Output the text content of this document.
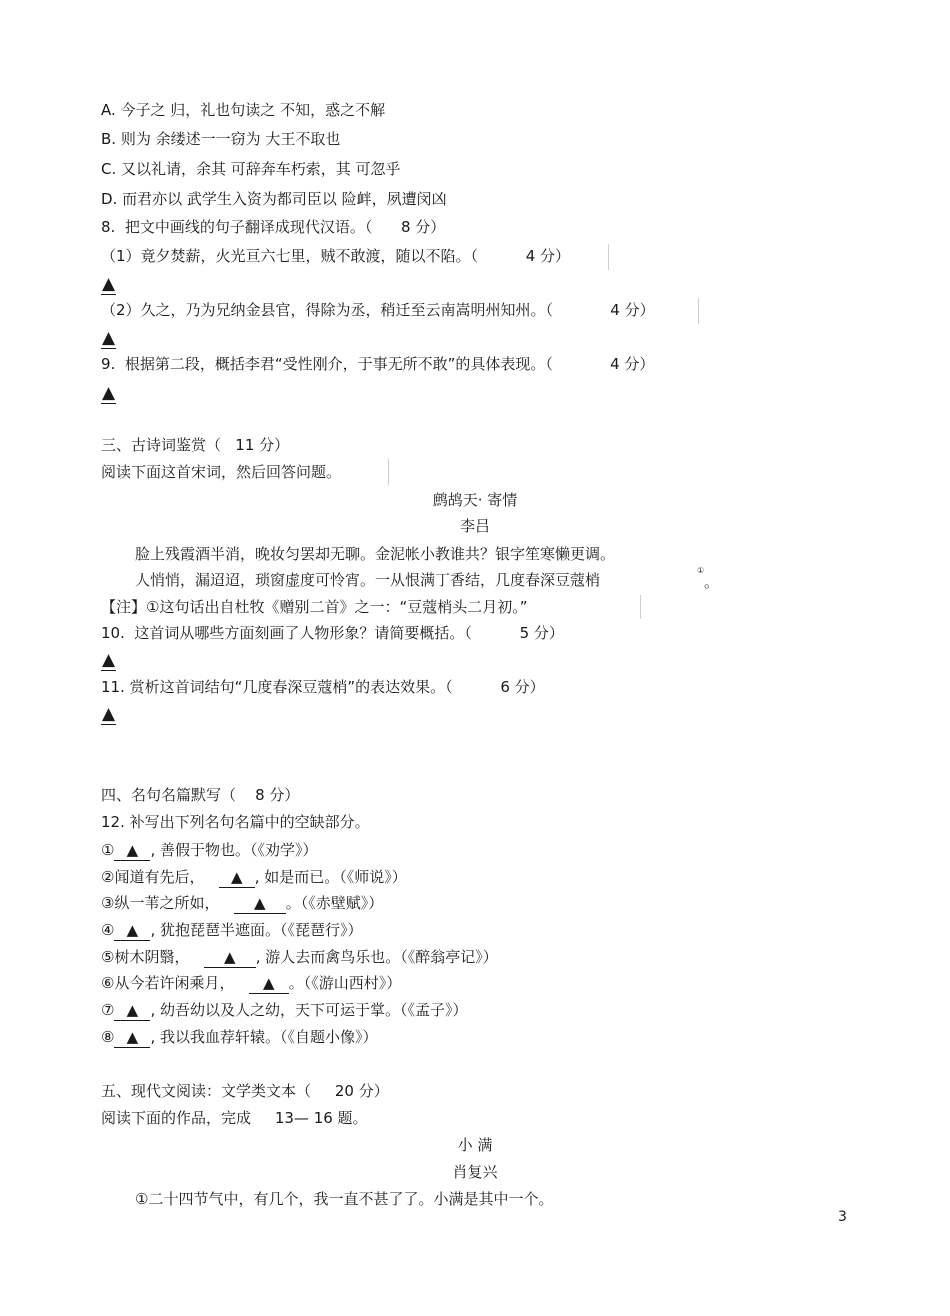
A. 今子之 归，礼也句读之 不知，惑之不解
B. 则为 余缕述一一窃为 大王不取也
C. 又以礼请，余其 可辞奔车朽索，其 可忽乎
D. 而君亦以 武学生入资为都司臣以 险衅，夙遭闵凶
8.  把文中画线的句子翻译成现代汉语。（      8 分）
（1）竟夕焚薪，火光亘六七里，贼不敢渡，随以不陷。（          4 分）
▲
（2）久之，乃为兄纳金县官，得除为丞，稍迁至云南嵩明州知州。（            4 分）
▲
9.  根据第二段，概括李君“受性刚介，于事无所不敢”的具体表现。（            4 分）
▲
三、古诗词鉴赏（   11 分）
阅读下面这首宋词，然后回答问题。
鹧鸪天· 寄情
李吕
脸上残霞酒半消，晚妆匀罢却无聊。金泥帐小教谁共？银字笙寒懒更调。
人悄悄，漏迢迢，琐窗虚度可怜宵。一从恨满丁香结，几度春深豆蔻梢
①
。
【注】①这句话出自杜牧《赠别二首》之一：“豆蔻梢头二月初。”
10.  这首词从哪些方面刻画了人物形象？请简要概括。（          5 分）
▲
11. 赏析这首词结句“几度春深豆蔻梢”的表达效果。（          6 分）
▲
四、名句名篇默写（    8 分）
12. 补写出下列名句名篇中的空缺部分。
① ▲ , 善假于物也。（《劝学》）
②闻道有先后，   ▲ , 如是而已。（《师说》）
③纵一苇之所如，   ▲ 。（《赤壁赋》）
④ ▲ , 犹抱琵琶半遮面。（《琵琶行》）
⑤树木阴翳，   ▲ , 游人去而禽鸟乐也。（《醉翁亭记》）
⑥从今若许闲乘月，   ▲ 。（《游山西村》）
⑦ ▲ , 幼吾幼以及人之幼，天下可运于掌。（《孟子》）
⑧ ▲ , 我以我血荐轩辕。（《自题小像》）
五、现代文阅读：文学类文本（     20 分）
阅读下面的作品，完成     13— 16 题。
小 满
肖复兴
①二十四节气中，有几个，我一直不甚了了。小满是其中一个。
3
